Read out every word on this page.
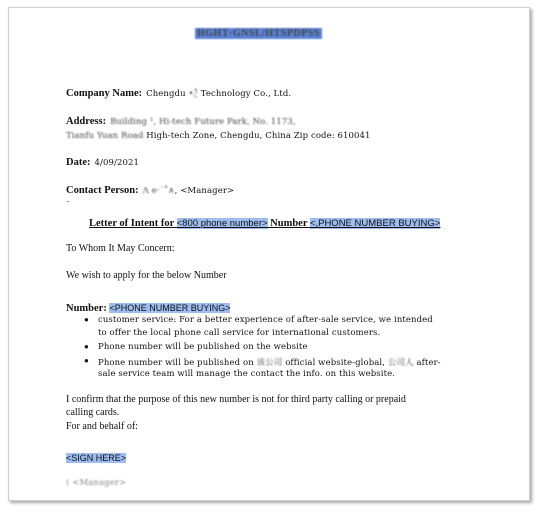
HGHT·GNSL/HTSPDPSS
Company Name: Chengdu •˚̷̱ Technology Co., Ltd.
Address: Building ¹, Hi-tech Future Park, No. 1173,
Tianfu Yuan Road High-tech Zone, Chengdu, China Zip code: 610041
Date: 4/09/2021
Contact Person: Ʌ e·˙˚∧, <Manager>
.
Letter of Intent for <800 phone number> Number <,PHONE NUMBER BUYING>
To Whom It May Concern:
We wish to apply for the below Number
Number: <PHONE NUMBER BUYING>
● customer service: For a better experience of after-sale service, we intended
to offer the local phone call service for international customers.
● Phone number will be published on the website
● Phone number will be published on 该公司 official website-global, 公司人 after-
sale service team will manage the contact the info. on this website.
I confirm that the purpose of this new number is not for third party calling or prepaid
calling cards.
For and behalf of:
<SIGN HERE>
( <Manager>
